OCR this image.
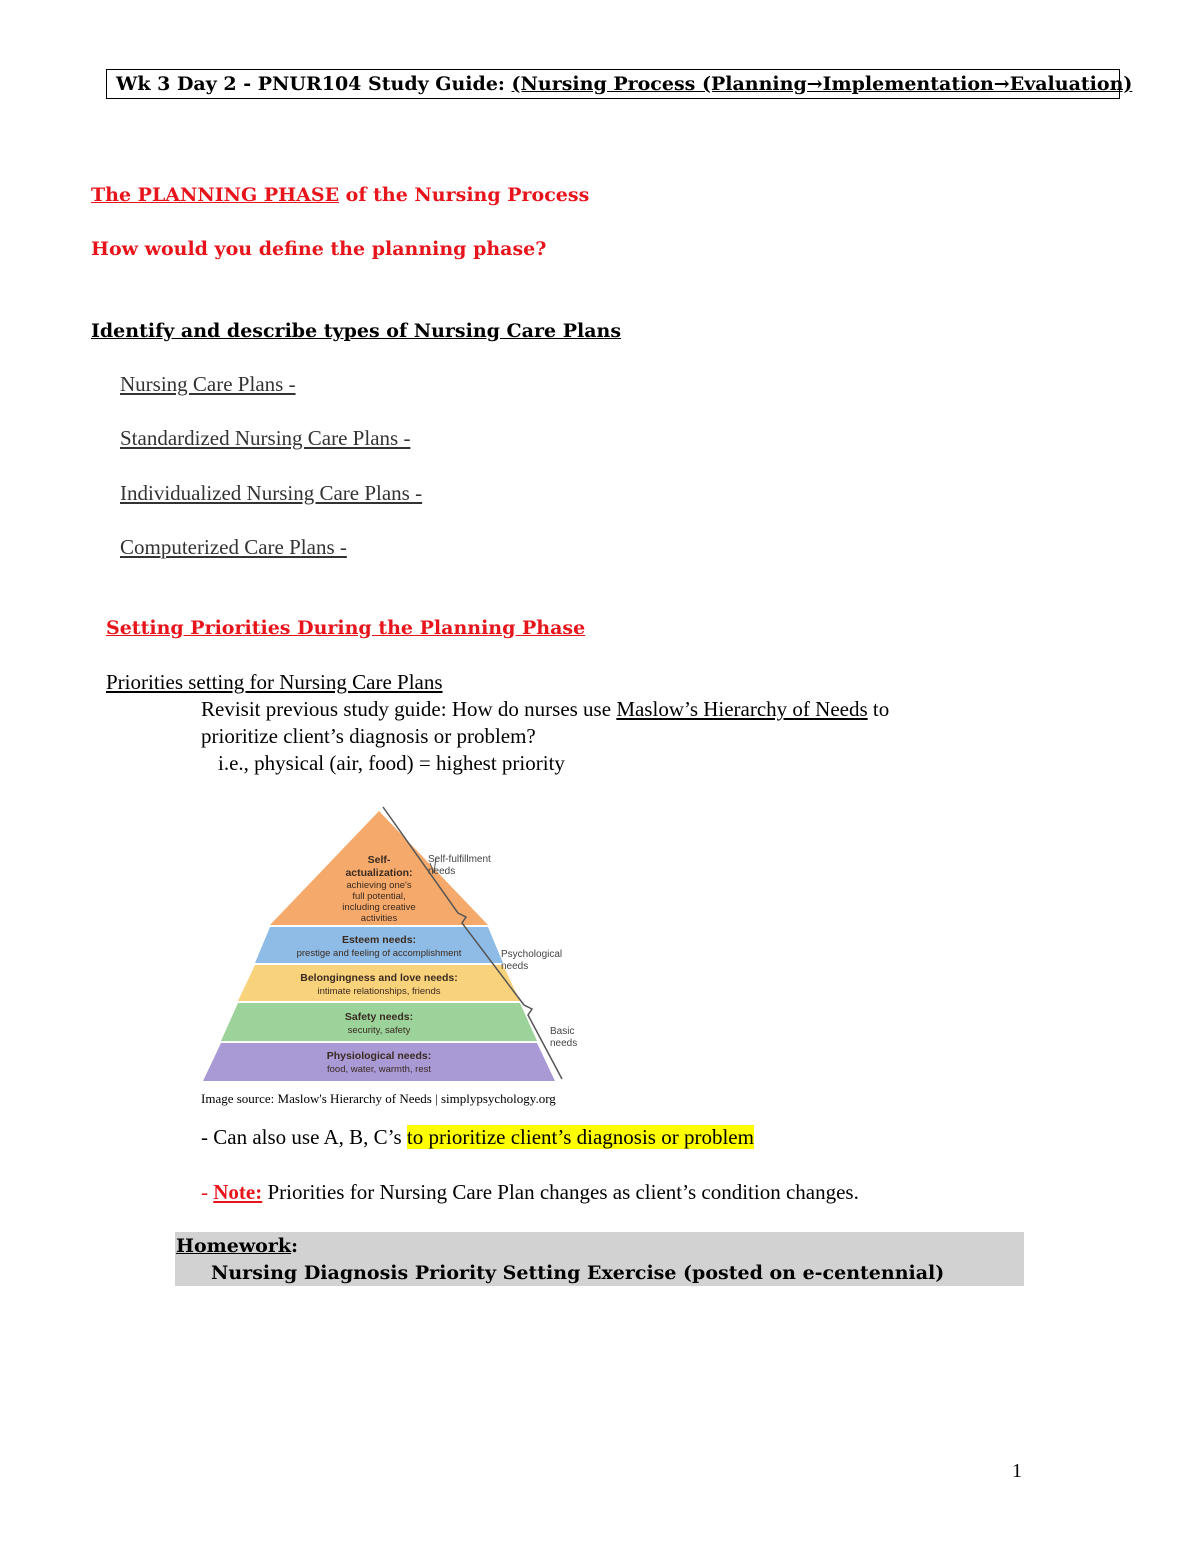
Wk 3 Day 2 - PNUR104 Study Guide: (Nursing Process (Planning→Implementation→Evaluation)
The PLANNING PHASE of the Nursing Process
How would you define the planning phase?
Identify and describe types of Nursing Care Plans
Nursing Care Plans -
Standardized Nursing Care Plans -
Individualized Nursing Care Plans -
Computerized Care Plans -
Setting Priorities During the Planning Phase
Priorities setting for Nursing Care Plans
Revisit previous study guide: How do nurses use Maslow’s Hierarchy of Needs to
prioritize client’s diagnosis or problem?
i.e., physical (air, food) = highest priority
Self-
actualization:
achieving one's
full potential,
including creative
activities
Esteem needs:
prestige and feeling of accomplishment
Belongingness and love needs:
intimate relationships, friends
Safety needs:
security, safety
Physiological needs:
food, water, warmth, rest
Self-fulfillment
needs
Psychological
needs
Basic
needs
Image source: Maslow's Hierarchy of Needs | simplypsychology.org
- Can also use A, B, C’s to prioritize client’s diagnosis or problem
- Note: Priorities for Nursing Care Plan changes as client’s condition changes.
Homework:
Nursing Diagnosis Priority Setting Exercise (posted on e-centennial)
1
